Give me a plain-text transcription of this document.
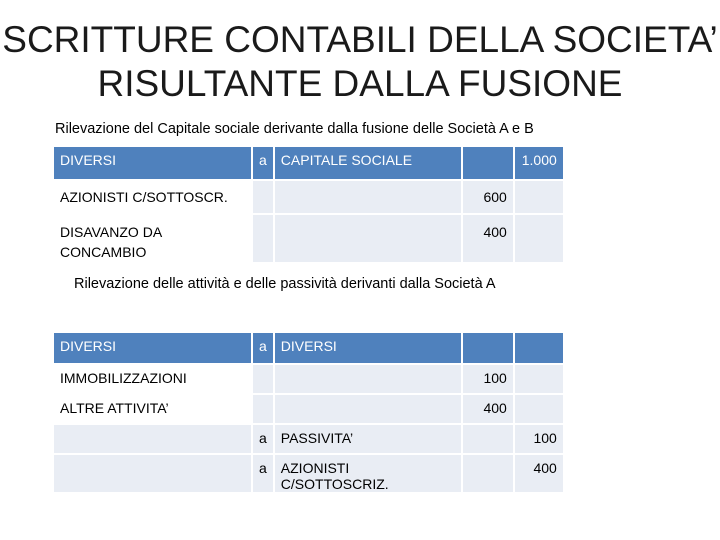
SCRITTURE CONTABILI DELLA SOCIETA’
RISULTANTE DALLA FUSIONE
Rilevazione del Capitale sociale derivante dalla fusione delle Società A e B
DIVERSI	a	CAPITALE SOCIALE		1.000
AZIONISTI C/SOTTOSCR.			600	

DISAVANZO DA
CONCAMBIO			400	
Rilevazione delle attività e delle passività derivanti dalla Società A
DIVERSI	a	DIVERSI		
IMMOBILIZZAZIONI			100	
ALTRE ATTIVITA’			400	
	a	PASSIVITA’		100
	a	AZIONISTI C/SOTTOSCRIZ.		400
